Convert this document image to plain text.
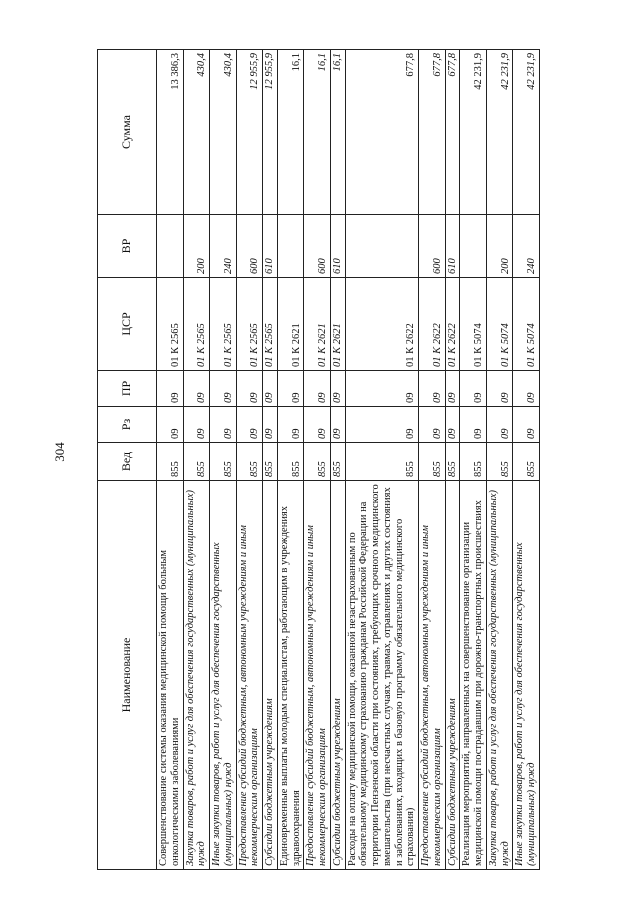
304
Наименование	Вед	Рз	ПР	ЦСР	ВР	Сумма
Совершенствование системы оказания медицинской помощи больным онкологическими заболеваниями	855	09	09	01 К 2565		13 386,3
Закупка товаров, работ и услуг для обеспечения государственных (муниципальных) нужд	855	09	09	01 К 2565	200	430,4
Иные закупки товаров, работ и услуг для обеспечения государственных (муниципальных) нужд	855	09	09	01 К 2565	240	430,4
Предоставление субсидий бюджетным, автономным учреждениям и иным некоммерческим организациям	855	09	09	01 К 2565	600	12 955,9
Субсидии бюджетным учреждениям	855	09	09	01 К 2565	610	12 955,9
Единовременные выплаты молодым специалистам, работающим в учреждениях здравоохранения	855	09	09	01 К 2621		16,1
Предоставление субсидий бюджетным, автономным учреждениям и иным некоммерческим организациям	855	09	09	01 К 2621	600	16,1
Субсидии бюджетным учреждениям	855	09	09	01 К 2621	610	16,1
Расходы на оплату медицинской помощи, оказанной незастрахованным по обязательному медицинскому страхованию гражданам Российской Федерации на территории Пензенской области при состояниях, требующих срочного медицинского вмешательства (при несчастных случаях, травмах, отравлениях и других состояниях и заболеваниях, входящих в базовую программу обязательного медицинского страхования)	855	09	09	01 К 2622		677,8
Предоставление субсидий бюджетным, автономным учреждениям и иным некоммерческим организациям	855	09	09	01 К 2622	600	677,8
Субсидии бюджетным учреждениям	855	09	09	01 К 2622	610	677,8
Реализация мероприятий, направленных на совершенствование организации медицинской помощи пострадавшим при дорожно-транспортных происшествиях	855	09	09	01 К 5074		42 231,9
Закупка товаров, работ и услуг для обеспечения государственных (муниципальных) нужд	855	09	09	01 К 5074	200	42 231,9
Иные закупки товаров, работ и услуг для обеспечения государственных (муниципальных) нужд	855	09	09	01 К 5074	240	42 231,9
